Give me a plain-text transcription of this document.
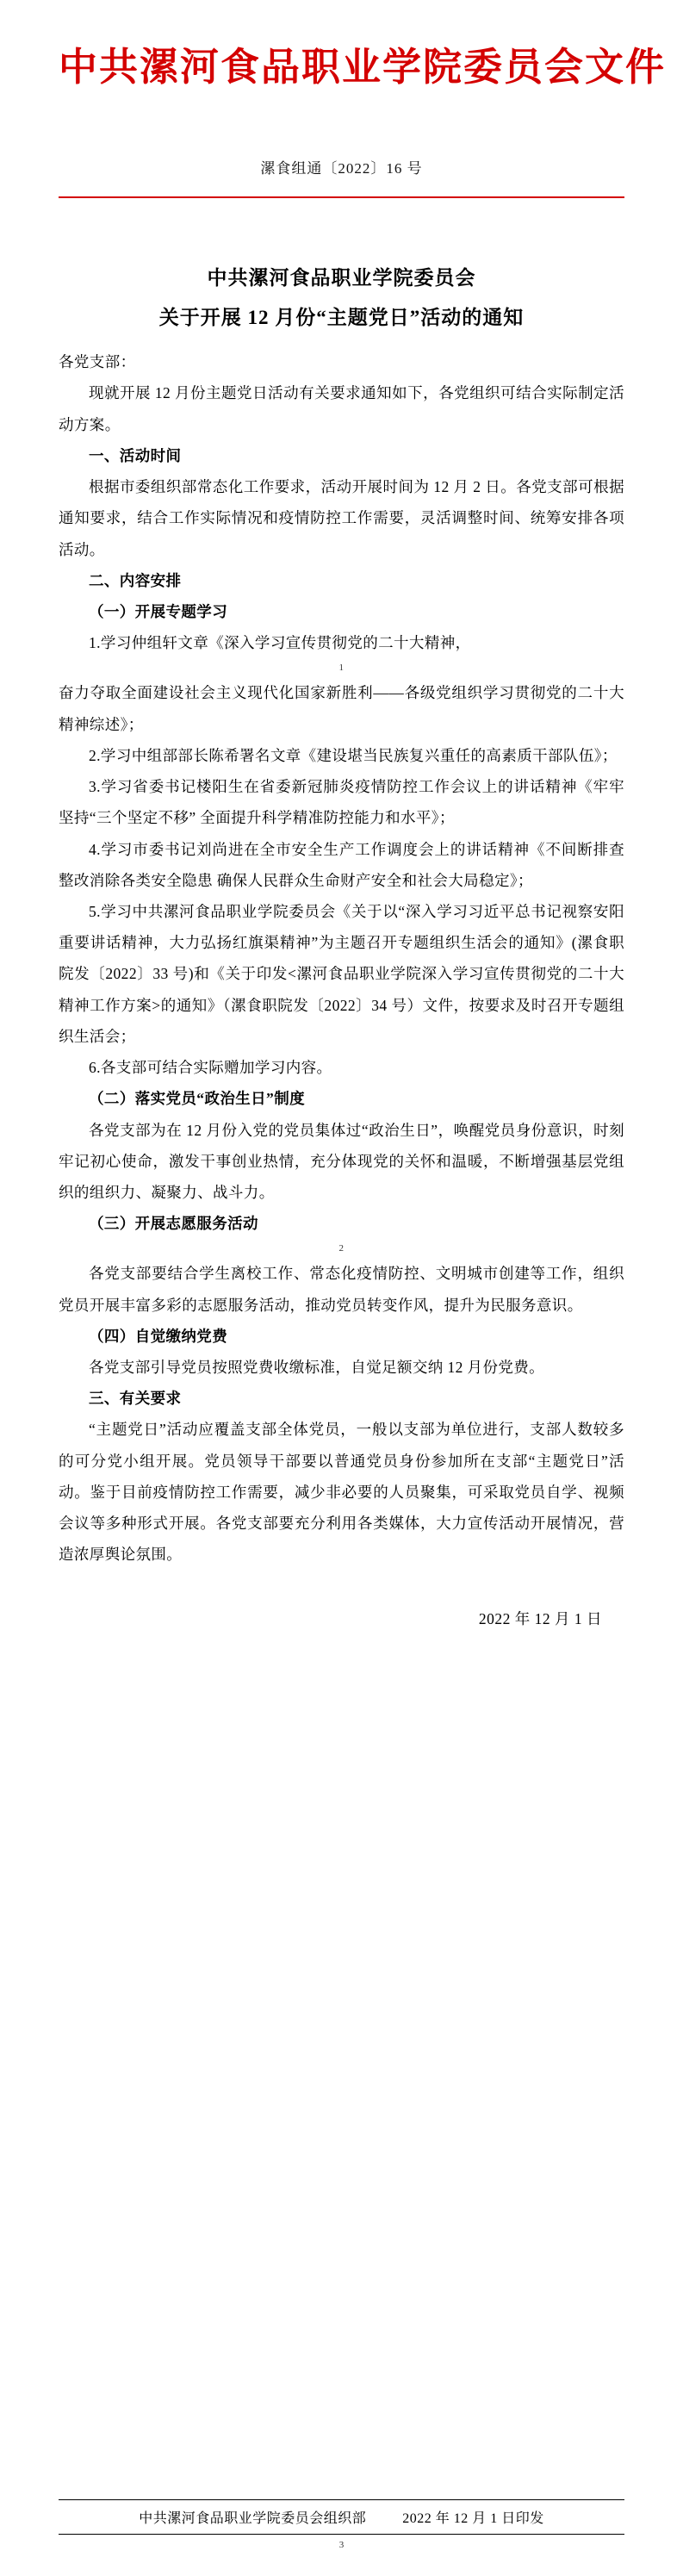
中共漯河食品职业学院委员会文件
漯食组通〔2022〕16 号
中共漯河食品职业学院委员会
关于开展 12 月份“主题党日”活动的通知

各党支部：

现就开展 12 月份主题党日活动有关要求通知如下，各党组织可结合实际制定活动方案。

一、活动时间

根据市委组织部常态化工作要求，活动开展时间为 12 月 2 日。各党支部可根据通知要求，结合工作实际情况和疫情防控工作需要，灵活调整时间、统筹安排各项活动。

二、内容安排

（一）开展专题学习

1.学习仲组轩文章《深入学习宣传贯彻党的二十大精神，

1

奋力夺取全面建设社会主义现代化国家新胜利——各级党组织学习贯彻党的二十大精神综述》；

2.学习中组部部长陈希署名文章《建设堪当民族复兴重任的高素质干部队伍》；

3.学习省委书记楼阳生在省委新冠肺炎疫情防控工作会议上的讲话精神《牢牢坚持“三个坚定不移” 全面提升科学精准防控能力和水平》；

4.学习市委书记刘尚进在全市安全生产工作调度会上的讲话精神《不间断排查整改消除各类安全隐患 确保人民群众生命财产安全和社会大局稳定》；

5.学习中共漯河食品职业学院委员会《关于以“深入学习习近平总书记视察安阳重要讲话精神，大力弘扬红旗渠精神”为主题召开专题组织生活会的通知》(漯食职院发〔2022〕33 号)和《关于印发<漯河食品职业学院深入学习宣传贯彻党的二十大精神工作方案>的通知》（漯食职院发〔2022〕34 号）文件，按要求及时召开专题组织生活会；

6.各支部可结合实际赠加学习内容。

（二）落实党员“政治生日”制度

各党支部为在 12 月份入党的党员集体过“政治生日”，唤醒党员身份意识，时刻牢记初心使命，激发干事创业热情，充分体现党的关怀和温暖，不断增强基层党组织的组织力、凝聚力、战斗力。

（三）开展志愿服务活动

2

各党支部要结合学生离校工作、常态化疫情防控、文明城市创建等工作，组织党员开展丰富多彩的志愿服务活动，推动党员转变作风，提升为民服务意识。

（四）自觉缴纳党费

各党支部引导党员按照党费收缴标准，自觉足额交纳 12 月份党费。

三、有关要求

“主题党日”活动应覆盖支部全体党员，一般以支部为单位进行，支部人数较多的可分党小组开展。党员领导干部要以普通党员身份参加所在支部“主题党日”活动。鉴于目前疫情防控工作需要，减少非必要的人员聚集，可采取党员自学、视频会议等多种形式开展。各党支部要充分利用各类媒体，大力宣传活动开展情况，营造浓厚舆论氛围。

2022 年 12 月 1 日

中共漯河食品职业学院委员会组织部	2022 年 12 月 1 日印发
3
